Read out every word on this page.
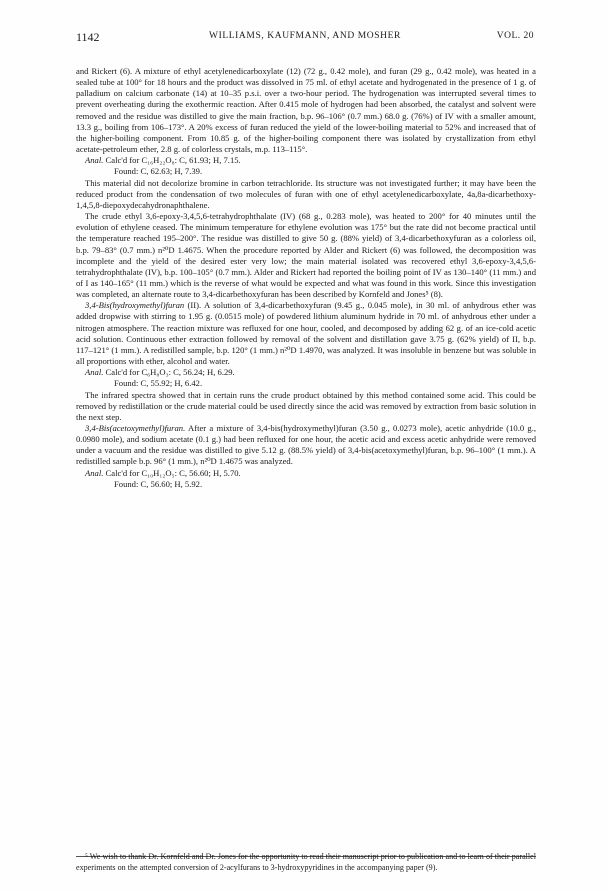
1142	WILLIAMS, KAUFMANN, AND MOSHER	VOL. 20

and Rickert (6). A mixture of ethyl acetylenedicarboxylate (12) (72 g., 0.42 mole), and furan (29 g., 0.42 mole), was heated in a sealed tube at 100° for 18 hours and the product was dissolved in 75 ml. of ethyl acetate and hydrogenated in the presence of 1 g. of palladium on calcium carbonate (14) at 10–35 p.s.i. over a two-hour period. The hydrogenation was interrupted several times to prevent overheating during the exothermic reaction. After 0.415 mole of hydrogen had been absorbed, the catalyst and solvent were removed and the residue was distilled to give the main fraction, b.p. 96–106° (0.7 mm.) 68.0 g. (76%) of IV with a smaller amount, 13.3 g., boiling from 106–173°. A 20% excess of furan reduced the yield of the lower-boiling material to 52% and increased that of the higher-boiling component. From 10.85 g. of the higher-boiling component there was isolated by crystallization from ethyl acetate-petroleum ether, 2.8 g. of colorless crystals, m.p. 113–115°.

Anal. Calc'd for C₁₆H₂₂O₈: C, 61.93; H, 7.15.

Found: C, 62.63; H, 7.39.

This material did not decolorize bromine in carbon tetrachloride. Its structure was not investigated further; it may have been the reduced product from the condensation of two molecules of furan with one of ethyl acetylenedicarboxylate, 4a,8a-dicarbethoxy-1,4,5,8-diepoxydecahydronaphthalene.

The crude ethyl 3,6-epoxy-3,4,5,6-tetrahydrophthalate (IV) (68 g., 0.283 mole), was heated to 200° for 40 minutes until the evolution of ethylene ceased. The minimum temperature for ethylene evolution was 175° but the rate did not become practical until the temperature reached 195–200°. The residue was distilled to give 50 g. (88% yield) of 3,4-dicarbethoxyfuran as a colorless oil, b.p. 79–83° (0.7 mm.) n²⁰D 1.4675. When the procedure reported by Alder and Rickert (6) was followed, the decomposition was incomplete and the yield of the desired ester very low; the main material isolated was recovered ethyl 3,6-epoxy-3,4,5,6-tetrahydrophthalate (IV), b.p. 100–105° (0.7 mm.). Alder and Rickert had reported the boiling point of IV as 130–140° (11 mm.) and of I as 140–165° (11 mm.) which is the reverse of what would be expected and what was found in this work. Since this investigation was completed, an alternate route to 3,4-dicarbethoxyfuran has been described by Kornfeld and Jones⁵ (8).

3,4-Bis(hydroxymethyl)furan (II). A solution of 3,4-dicarbethoxyfuran (9.45 g., 0.045 mole), in 30 ml. of anhydrous ether was added dropwise with stirring to 1.95 g. (0.0515 mole) of powdered lithium aluminum hydride in 70 ml. of anhydrous ether under a nitrogen atmosphere. The reaction mixture was refluxed for one hour, cooled, and decomposed by adding 62 g. of an ice-cold acetic acid solution. Continuous ether extraction followed by removal of the solvent and distillation gave 3.75 g. (62% yield) of II, b.p. 117–121° (1 mm.). A redistilled sample, b.p. 120° (1 mm.) n²⁰D 1.4970, was analyzed. It was insoluble in benzene but was soluble in all proportions with ether, alcohol and water.

Anal. Calc'd for C₆H₈O₃: C, 56.24; H, 6.29.

Found: C, 55.92; H, 6.42.

The infrared spectra showed that in certain runs the crude product obtained by this method contained some acid. This could be removed by redistillation or the crude material could be used directly since the acid was removed by extraction from basic solution in the next step.

3,4-Bis(acetoxymethyl)furan. After a mixture of 3,4-bis(hydroxymethyl)furan (3.50 g., 0.0273 mole), acetic anhydride (10.0 g., 0.0980 mole), and sodium acetate (0.1 g.) had been refluxed for one hour, the acetic acid and excess acetic anhydride were removed under a vacuum and the residue was distilled to give 5.12 g. (88.5% yield) of 3,4-bis(acetoxymethyl)furan, b.p. 96–100° (1 mm.). A redistilled sample b.p. 96° (1 mm.), n²⁰D 1.4675 was analyzed.

Anal. Calc'd for C₁₀H₁₂O₅: C, 56.60; H, 5.70.

Found: C, 56.60; H, 5.92.

⁵ We wish to thank Dr. Kornfeld and Dr. Jones for the opportunity to read their manuscript prior to publication and to learn of their parallel experiments on the attempted conversion of 2-acylfurans to 3-hydroxypyridines in the accompanying paper (9).
